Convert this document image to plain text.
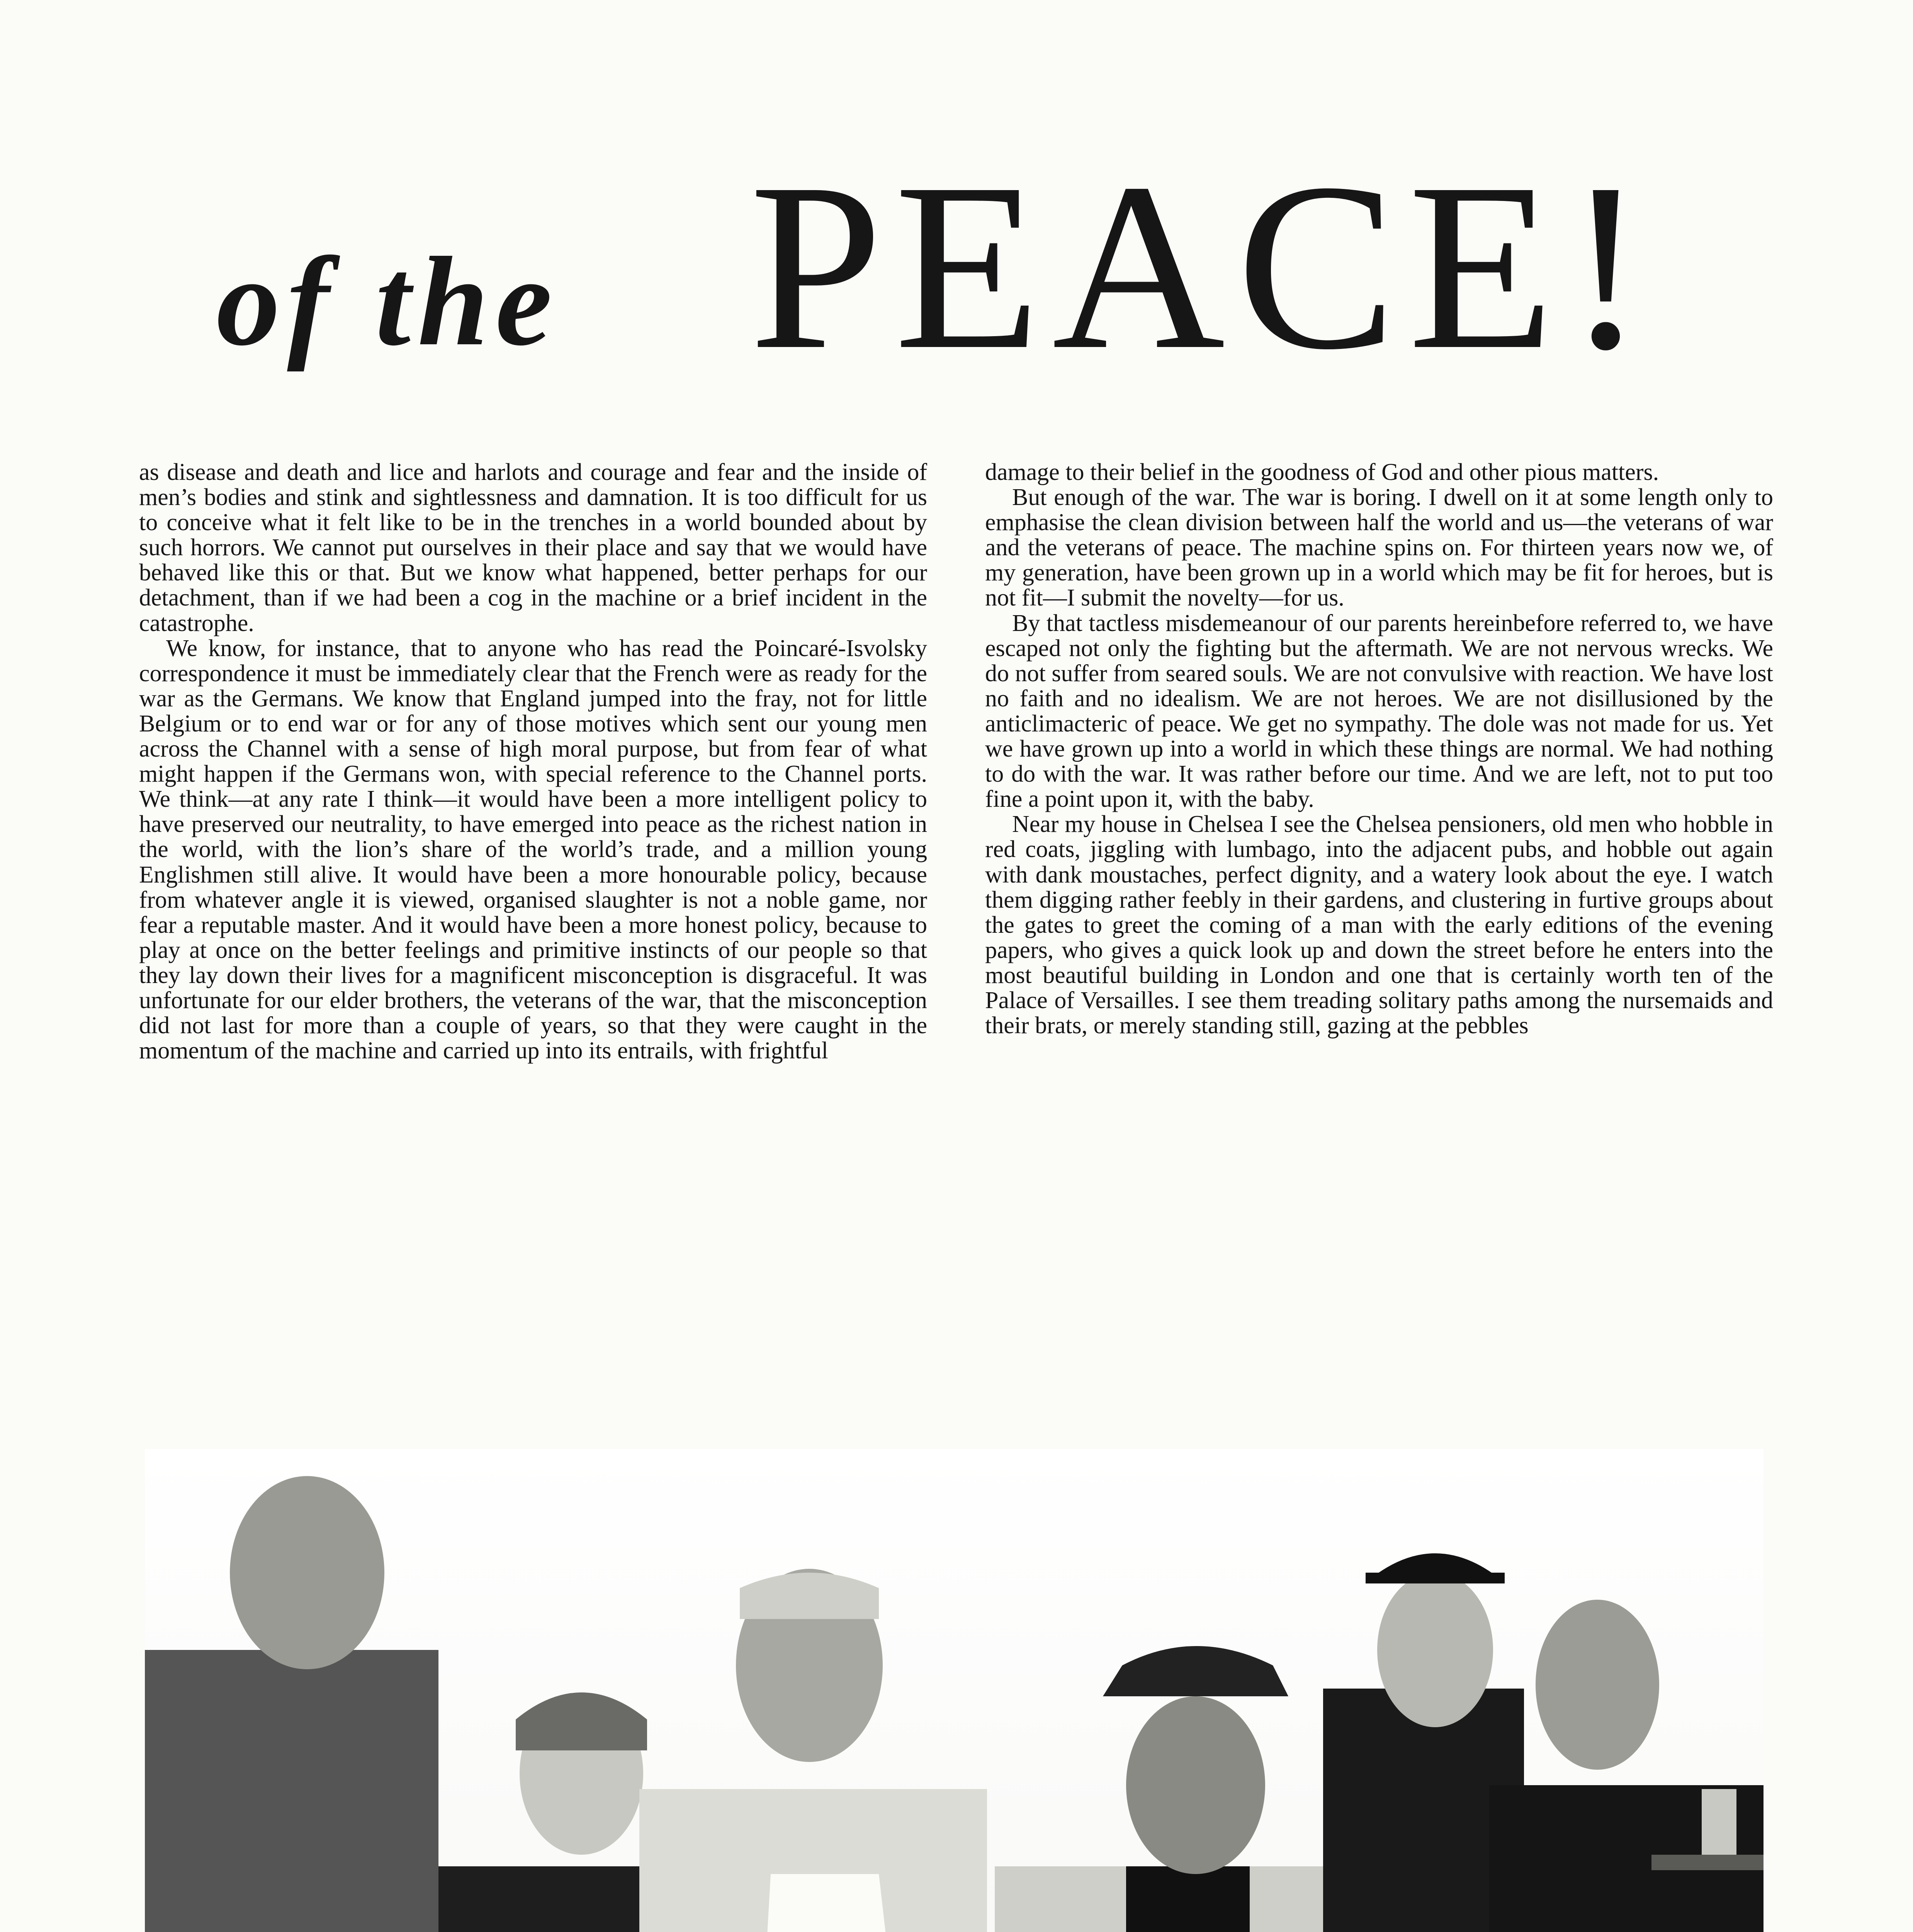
of the PEACE!

as disease and death and lice and harlots and courage and fear and the inside of men’s bodies and stink and sightlessness and damnation. It is too difficult for us to conceive what it felt like to be in the trenches in a world bounded about by such horrors. We cannot put ourselves in their place and say that we would have behaved like this or that. But we know what happened, better perhaps for our detachment, than if we had been a cog in the machine or a brief incident in the catastrophe.

We know, for instance, that to anyone who has read the Poincaré-Isvolsky correspondence it must be immediately clear that the French were as ready for the war as the Germans. We know that England jumped into the fray, not for little Belgium or to end war or for any of those motives which sent our young men across the Channel with a sense of high moral purpose, but from fear of what might happen if the Germans won, with special reference to the Channel ports. We think—at any rate I think—it would have been a more intelligent policy to have preserved our neutrality, to have emerged into peace as the richest nation in the world, with the lion’s share of the world’s trade, and a million young Englishmen still alive. It would have been a more honourable policy, because from whatever angle it is viewed, organised slaughter is not a noble game, nor fear a reputable master. And it would have been a more honest policy, because to play at once on the better feelings and primitive instincts of our people so that they lay down their lives for a magnificent misconception is disgraceful. It was unfortunate for our elder brothers, the veterans of the war, that the misconception did not last for more than a couple of years, so that they were caught in the momentum of the machine and carried up into its entrails, with frightful

damage to their belief in the goodness of God and other pious matters.

But enough of the war. The war is boring. I dwell on it at some length only to emphasise the clean division between half the world and us—the veterans of war and the veterans of peace. The machine spins on. For thirteen years now we, of my generation, have been grown up in a world which may be fit for heroes, but is not fit—I submit the novelty—for us.

By that tactless misdemeanour of our parents hereinbefore referred to, we have escaped not only the fighting but the aftermath. We are not nervous wrecks. We do not suffer from seared souls. We are not convulsive with reaction. We have lost no faith and no idealism. We are not heroes. We are not disillusioned by the anticlimacteric of peace. We get no sympathy. The dole was not made for us. Yet we have grown up into a world in which these things are normal. We had nothing to do with the war. It was rather before our time. And we are left, not to put too fine a point upon it, with the baby.

Near my house in Chelsea I see the Chelsea pensioners, old men who hobble in red coats, jiggling with lumbago, into the adjacent pubs, and hobble out again with dank moustaches, perfect dignity, and a watery look about the eye. I watch them digging rather feebly in their gardens, and clustering in furtive groups about the gates to greet the coming of a man with the early editions of the evening papers, who gives a quick look up and down the street before he enters into the most beautiful building in London and one that is certainly worth ten of the Palace of Versailles. I see them treading solitary paths among the nursemaids and their brats, or merely standing still, gazing at the pebbles
